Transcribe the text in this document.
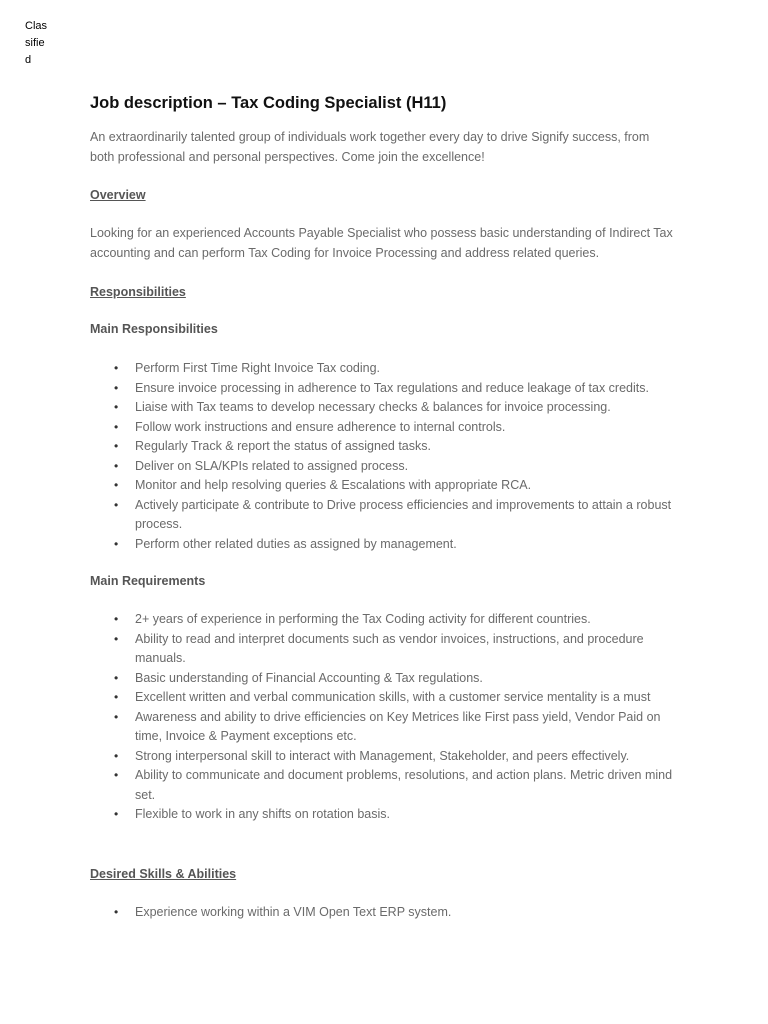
Classified
Job description – Tax Coding Specialist (H11)

An extraordinarily talented group of individuals work together every day to drive Signify success, from both professional and personal perspectives. Come join the excellence!

Overview

Looking for an experienced Accounts Payable Specialist who possess basic understanding of Indirect Tax accounting and can perform Tax Coding for Invoice Processing and address related queries.

Responsibilities

Main Responsibilities

• Perform First Time Right Invoice Tax coding.
• Ensure invoice processing in adherence to Tax regulations and reduce leakage of tax credits.
• Liaise with Tax teams to develop necessary checks & balances for invoice processing.
• Follow work instructions and ensure adherence to internal controls.
• Regularly Track & report the status of assigned tasks.
• Deliver on SLA/KPIs related to assigned process.
• Monitor and help resolving queries & Escalations with appropriate RCA.
• Actively participate & contribute to Drive process efficiencies and improvements to attain a robust process.
• Perform other related duties as assigned by management.

Main Requirements

• 2+ years of experience in performing the Tax Coding activity for different countries.
• Ability to read and interpret documents such as vendor invoices, instructions, and procedure manuals.
• Basic understanding of Financial Accounting & Tax regulations.
• Excellent written and verbal communication skills, with a customer service mentality is a must
• Awareness and ability to drive efficiencies on Key Metrices like First pass yield, Vendor Paid on time, Invoice & Payment exceptions etc.
• Strong interpersonal skill to interact with Management, Stakeholder, and peers effectively.
• Ability to communicate and document problems, resolutions, and action plans. Metric driven mind set.
• Flexible to work in any shifts on rotation basis.
Desired Skills & Abilities
• Experience working within a VIM Open Text ERP system.
